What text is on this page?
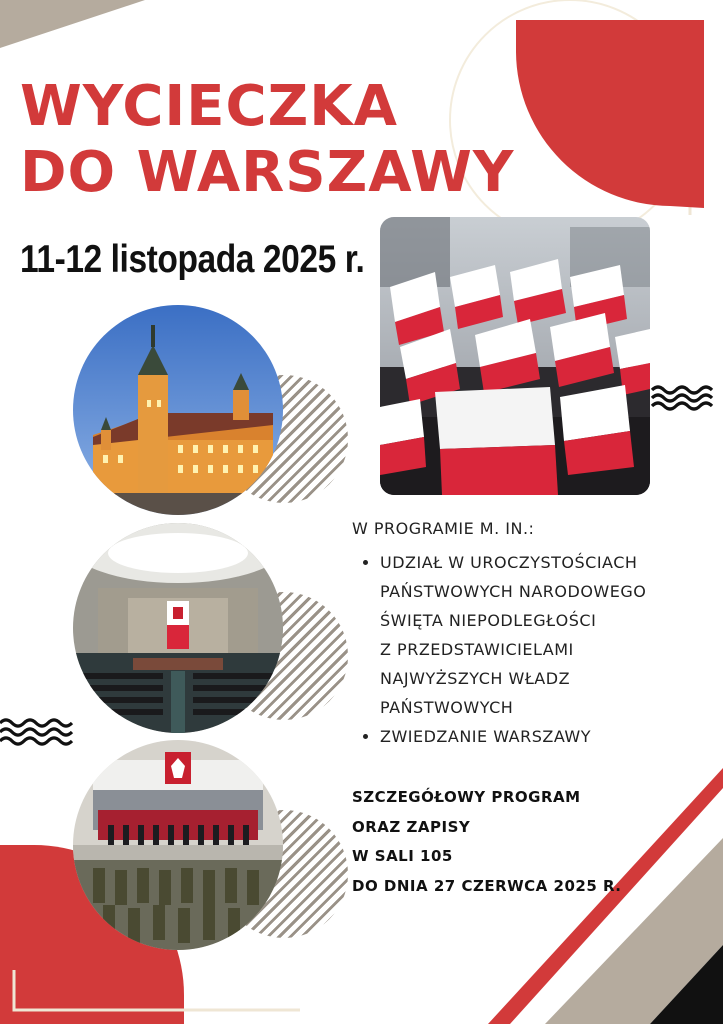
WYCIECZKA
DO WARSZAWY
11-12 listopada 2025 r.

W PROGRAMIE M. IN.:

• UDZIAŁ W UROCZYSTOŚCIACH
PAŃSTWOWYCH NARODOWEGO
ŚWIĘTA NIEPODLEGŁOŚCI
Z PRZEDSTAWICIELAMI
NAJWYŻSZYCH WŁADZ
PAŃSTWOWYCH
• ZWIEDZANIE WARSZAWY
SZCZEGÓŁOWY PROGRAM
ORAZ ZAPISY
W SALI 105
DO DNIA 27 CZERWCA 2025 R.
